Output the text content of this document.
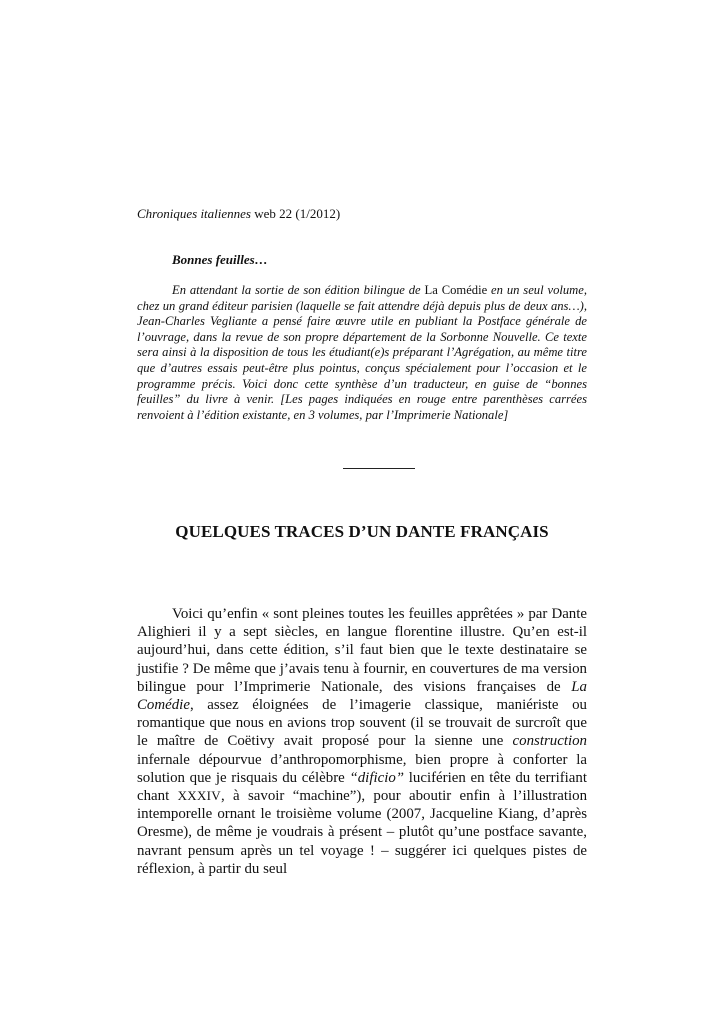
Chroniques italiennes web 22 (1/2012)
Bonnes feuilles…

En attendant la sortie de son édition bilingue de La Comédie en un seul volume, chez un grand éditeur parisien (laquelle se fait attendre déjà depuis plus de deux ans…), Jean-Charles Vegliante a pensé faire œuvre utile en publiant la Postface générale de l’ouvrage, dans la revue de son propre département de la Sorbonne Nouvelle. Ce texte sera ainsi à la disposition de tous les étudiant(e)s préparant l’Agrégation, au même titre que d’autres essais peut-être plus pointus, conçus spécialement pour l’occasion et le programme précis. Voici donc cette synthèse d’un traducteur, en guise de “bonnes feuilles” du livre à venir. [Les pages indiquées en rouge entre parenthèses carrées renvoient à l’édition existante, en 3 volumes, par l’Imprimerie Nationale]

QUELQUES TRACES D’UN DANTE FRANÇAIS

Voici qu’enfin « sont pleines toutes les feuilles apprêtées » par Dante Alighieri il y a sept siècles, en langue florentine illustre. Qu’en est-il aujourd’hui, dans cette édition, s’il faut bien que le texte destinataire se justifie ? De même que j’avais tenu à fournir, en couvertures de ma version bilingue pour l’Imprimerie Nationale, des visions françaises de La Comédie, assez éloignées de l’imagerie classique, maniériste ou romantique que nous en avions trop souvent (il se trouvait de surcroît que le maître de Coëtivy avait proposé pour la sienne une construction infernale dépourvue d’anthropomorphisme, bien propre à conforter la solution que je risquais du célèbre “dificio” luciférien en tête du terrifiant chant XXXIV, à savoir “machine”), pour aboutir enfin à l’illustration intemporelle ornant le troisième volume (2007, Jacqueline Kiang, d’après Oresme), de même je voudrais à présent – plutôt qu’une postface savante, navrant pensum après un tel voyage ! – suggérer ici quelques pistes de réflexion, à partir du seul
